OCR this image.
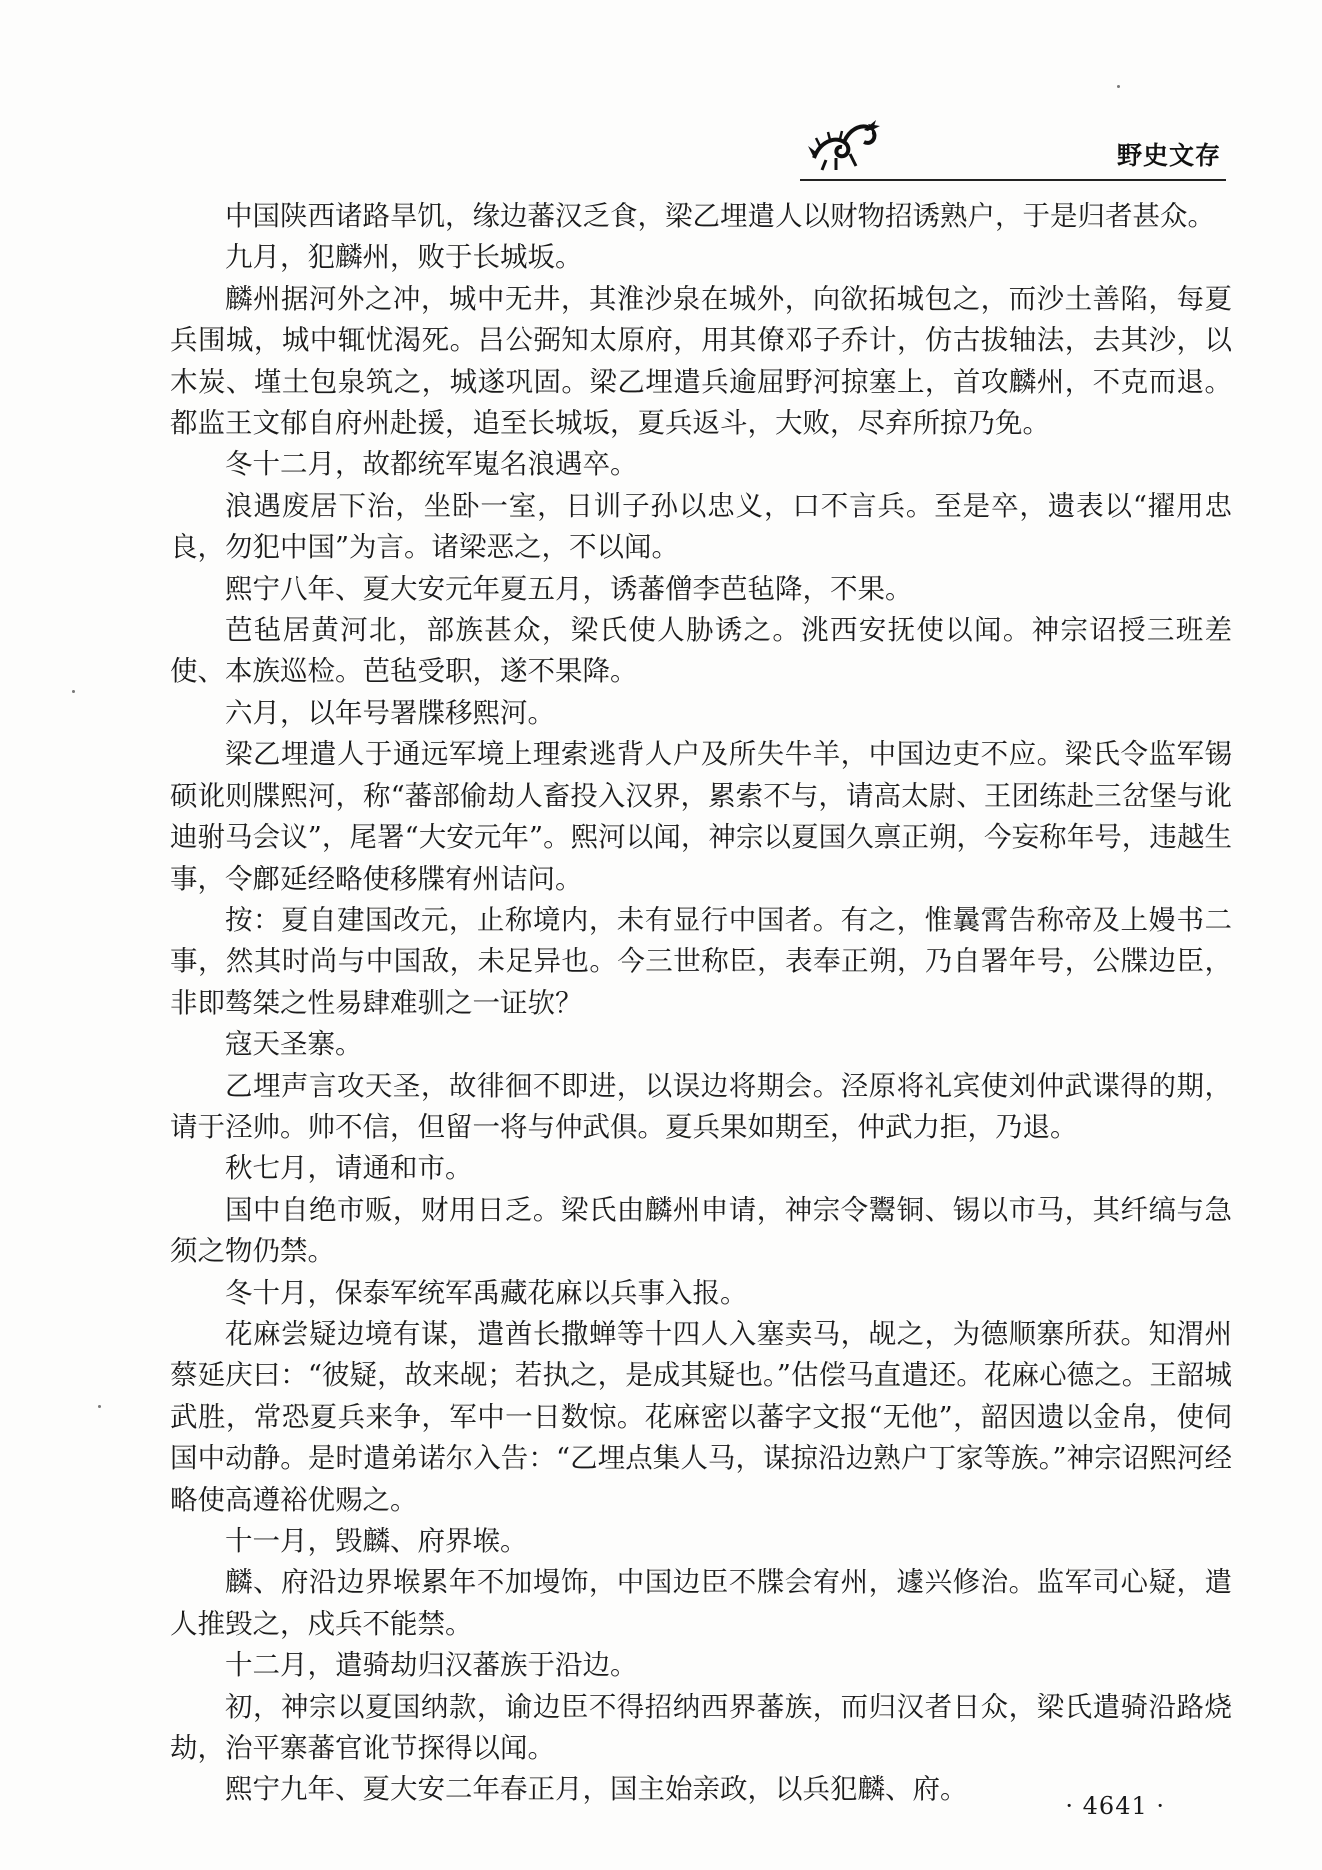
野史文存

中国陕西诸路旱饥，缘边蕃汉乏食，梁乙埋遣人以财物招诱熟户，于是归者甚众。

九月，犯麟州，败于长城坂。

麟州据河外之冲，城中无井，其淮沙泉在城外，向欲拓城包之，而沙土善陷，每夏兵围城，城中辄忧渴死。吕公弼知太原府，用其僚邓子乔计，仿古拔轴法，去其沙，以木炭、墐土包泉筑之，城遂巩固。梁乙埋遣兵逾屈野河掠塞上，首攻麟州，不克而退。都监王文郁自府州赴援，追至长城坂，夏兵返斗，大败，尽弃所掠乃免。

冬十二月，故都统军嵬名浪遇卒。

浪遇废居下治，坐卧一室，日训子孙以忠义，口不言兵。至是卒，遗表以“擢用忠良，勿犯中国”为言。诸梁恶之，不以闻。

熙宁八年、夏大安元年夏五月，诱蕃僧李芭毡降，不果。

芭毡居黄河北，部族甚众，梁氏使人胁诱之。洮西安抚使以闻。神宗诏授三班差使、本族巡检。芭毡受职，遂不果降。

六月，以年号署牒移熙河。

梁乙埋遣人于通远军境上理索逃背人户及所失牛羊，中国边吏不应。梁氏令监军锡硕讹则牒熙河，称“蕃部偷劫人畜投入汉界，累索不与，请高太尉、王团练赴三岔堡与讹迪驸马会议”，尾署“大安元年”。熙河以闻，神宗以夏国久禀正朔，今妄称年号，违越生事，令鄜延经略使移牒宥州诘问。

按：夏自建国改元，止称境内，未有显行中国者。有之，惟曩霄告称帝及上嫚书二事，然其时尚与中国敌，未足异也。今三世称臣，表奉正朔，乃自署年号，公牒边臣，非即骜桀之性易肆难驯之一证欤？

寇天圣寨。

乙埋声言攻天圣，故徘徊不即进，以误边将期会。泾原将礼宾使刘仲武谍得的期，请于泾帅。帅不信，但留一将与仲武俱。夏兵果如期至，仲武力拒，乃退。

秋七月，请通和市。

国中自绝市贩，财用日乏。梁氏由麟州申请，神宗令鬻铜、锡以市马，其纤缟与急须之物仍禁。

冬十月，保泰军统军禹藏花麻以兵事入报。

花麻尝疑边境有谋，遣酋长撒蝉等十四人入塞卖马，觇之，为德顺寨所获。知渭州蔡延庆曰：“彼疑，故来觇；若执之，是成其疑也。”估偿马直遣还。花麻心德之。王韶城武胜，常恐夏兵来争，军中一日数惊。花麻密以蕃字文报“无他”，韶因遗以金帛，使伺国中动静。是时遣弟诺尔入告：“乙埋点集人马，谋掠沿边熟户丁家等族。”神宗诏熙河经略使高遵裕优赐之。

十一月，毁麟、府界堠。

麟、府沿边界堠累年不加墁饰，中国边臣不牒会宥州，遽兴修治。监军司心疑，遣人推毁之，戍兵不能禁。

十二月，遣骑劫归汉蕃族于沿边。

初，神宗以夏国纳款，谕边臣不得招纳西界蕃族，而归汉者日众，梁氏遣骑沿路烧劫，治平寨蕃官讹节探得以闻。

熙宁九年、夏大安二年春正月，国主始亲政，以兵犯麟、府。

· 4641 ·
